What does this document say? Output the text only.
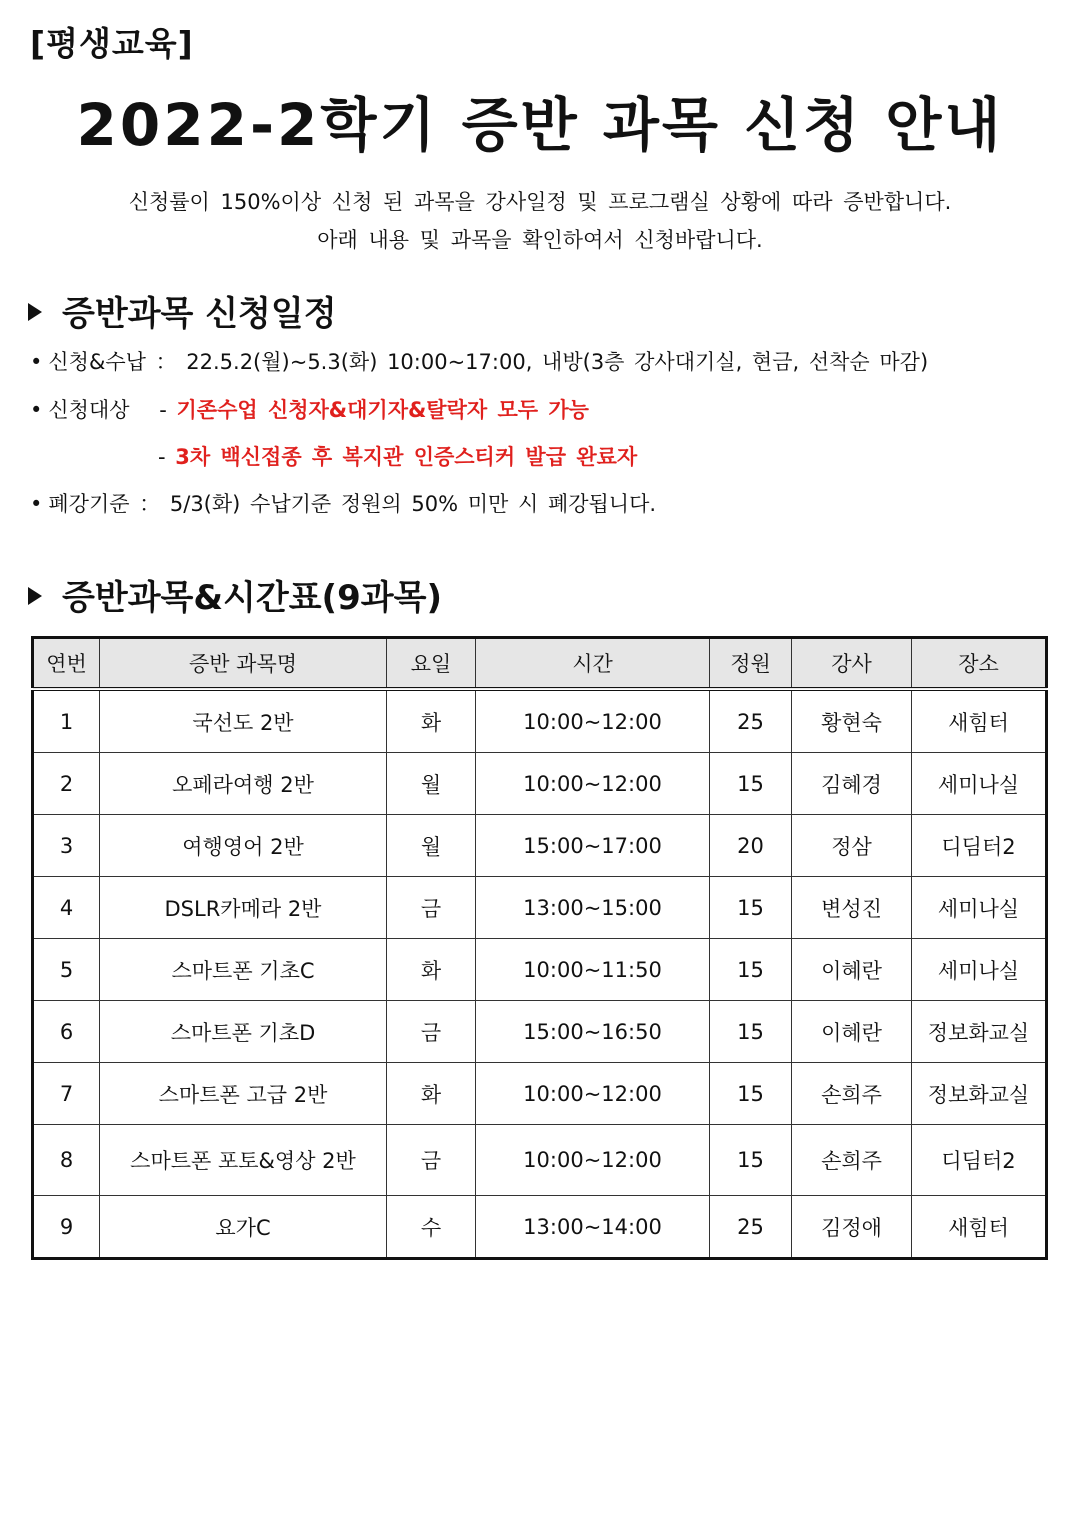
[평생교육]
2022-2학기 증반 과목 신청 안내
신청률이 150%이상 신청 된 과목을 강사일정 및 프로그램실 상황에 따라 증반합니다.
아래 내용 및 과목을 확인하여서 신청바랍니다.
증반과목 신청일정
• 신청&수납 ： 22.5.2(월)~5.3(화) 10:00~17:00, 내방(3층 강사대기실, 현금, 선착순 마감)
• 신청대상 - 기존수업 신청자&대기자&탈락자 모두 가능
- 3차 백신접종 후 복지관 인증스티커 발급 완료자
• 폐강기준 ： 5/3(화) 수납기준 정원의 50% 미만 시 폐강됩니다.
증반과목&시간표(9과목)
연번	증반 과목명	요일	시간	정원	강사	장소
1	국선도 2반	화	10:00~12:00	25	황현숙	새힘터
2	오페라여행 2반	월	10:00~12:00	15	김혜경	세미나실
3	여행영어 2반	월	15:00~17:00	20	정삼	디딤터2
4	DSLR카메라 2반	금	13:00~15:00	15	변성진	세미나실
5	스마트폰 기초C	화	10:00~11:50	15	이혜란	세미나실
6	스마트폰 기초D	금	15:00~16:50	15	이혜란	정보화교실
7	스마트폰 고급 2반	화	10:00~12:00	15	손희주	정보화교실
8	스마트폰 포토&영상 2반	금	10:00~12:00	15	손희주	디딤터2
9	요가C	수	13:00~14:00	25	김정애	새힘터
